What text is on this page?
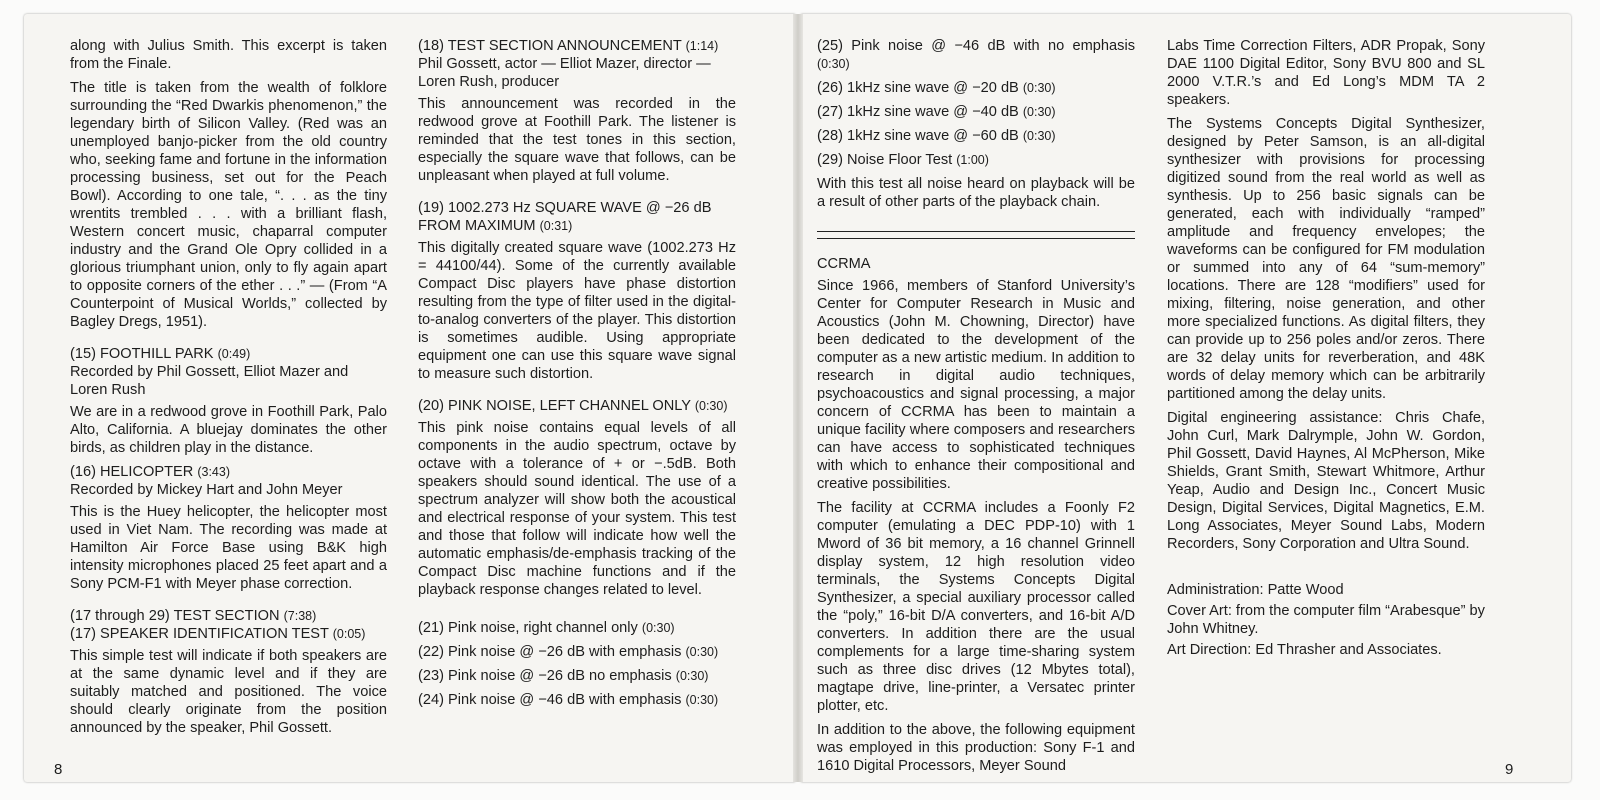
along with Julius Smith. This excerpt is taken from the Finale.

The title is taken from the wealth of folklore surrounding the “Red Dwarkis phenomenon,” the legendary birth of Silicon Valley. (Red was an unemployed banjo-picker from the old country who, seeking fame and fortune in the information processing business, set out for the Peach Bowl). According to one tale, “. . . as the tiny wrentits trembled . . . with a brilliant flash, Western concert music, chaparral computer industry and the Grand Ole Opry collided in a glorious triumphant union, only to fly again apart to opposite corners of the ether . . .” — (From “A Counterpoint of Musical Worlds,” collected by Bagley Dregs, 1951).

(15) FOOTHILL PARK (0:49)

Recorded by Phil Gossett, Elliot Mazer and Loren Rush

We are in a redwood grove in Foothill Park, Palo Alto, California. A bluejay dominates the other birds, as children play in the distance.

(16) HELICOPTER (3:43)

Recorded by Mickey Hart and John Meyer

This is the Huey helicopter, the helicopter most used in Viet Nam. The recording was made at Hamilton Air Force Base using B&K high intensity microphones placed 25 feet apart and a Sony PCM-F1 with Meyer phase correction.

(17 through 29) TEST SECTION (7:38)

(17) SPEAKER IDENTIFICATION TEST (0:05)

This simple test will indicate if both speakers are at the same dynamic level and if they are suitably matched and positioned. The voice should clearly originate from the position announced by the speaker, Phil Gossett.

(18) TEST SECTION ANNOUNCEMENT (1:14)

Phil Gossett, actor — Elliot Mazer, director — Loren Rush, producer

This announcement was recorded in the redwood grove at Foothill Park. The listener is reminded that the test tones in this section, especially the square wave that follows, can be unpleasant when played at full volume.

(19) 1002.273 Hz SQUARE WAVE @ −26 dB FROM MAXIMUM (0:31)

This digitally created square wave (1002.273 Hz = 44100/44). Some of the currently available Compact Disc players have phase distortion resulting from the type of filter used in the digital-to-analog converters of the player. This distortion is sometimes audible. Using appropriate equipment one can use this square wave signal to measure such distortion.

(20) PINK NOISE, LEFT CHANNEL ONLY (0:30)

This pink noise contains equal levels of all components in the audio spectrum, octave by octave with a tolerance of + or −.5dB. Both speakers should sound identical. The use of a spectrum analyzer will show both the acoustical and electrical response of your system. This test and those that follow will indicate how well the automatic emphasis/de-emphasis tracking of the Compact Disc machine functions and if the playback response changes related to level.

(21) Pink noise, right channel only (0:30)

(22) Pink noise @ −26 dB with emphasis (0:30)

(23) Pink noise @ −26 dB no emphasis (0:30)

(24) Pink noise @ −46 dB with emphasis (0:30)

8

(25) Pink noise @ −46 dB with no emphasis (0:30)

(26) 1kHz sine wave @ −20 dB (0:30)

(27) 1kHz sine wave @ −40 dB (0:30)

(28) 1kHz sine wave @ −60 dB (0:30)

(29) Noise Floor Test (1:00)

With this test all noise heard on playback will be a result of other parts of the playback chain.

CCRMA

Since 1966, members of Stanford University’s Center for Computer Research in Music and Acoustics (John M. Chowning, Director) have been dedicated to the development of the computer as a new artistic medium. In addition to research in digital audio techniques, psychoacoustics and signal processing, a major concern of CCRMA has been to maintain a unique facility where composers and researchers can have access to sophisticated techniques with which to enhance their compositional and creative possibilities.

The facility at CCRMA includes a Foonly F2 computer (emulating a DEC PDP-10) with 1 Mword of 36 bit memory, a 16 channel Grinnell display system, 12 high resolution video terminals, the Systems Concepts Digital Synthesizer, a special auxiliary processor called the “poly,” 16-bit D/A converters, and 16-bit A/D converters. In addition there are the usual complements for a large time-sharing system such as three disc drives (12 Mbytes total), magtape drive, line-printer, a Versatec printer plotter, etc.

In addition to the above, the following equipment was employed in this production: Sony F-1 and 1610 Digital Processors, Meyer Sound

Labs Time Correction Filters, ADR Propak, Sony DAE 1100 Digital Editor, Sony BVU 800 and SL 2000 V.T.R.’s and Ed Long’s MDM TA 2 speakers.

The Systems Concepts Digital Synthesizer, designed by Peter Samson, is an all-digital synthesizer with provisions for processing digitized sound from the real world as well as synthesis. Up to 256 basic signals can be generated, each with individually “ramped” amplitude and frequency envelopes; the waveforms can be configured for FM modulation or summed into any of 64 “sum-memory” locations. There are 128 “modifiers” used for mixing, filtering, noise generation, and other more specialized functions. As digital filters, they can provide up to 256 poles and/or zeros. There are 32 delay units for reverberation, and 48K words of delay memory which can be arbitrarily partitioned among the delay units.

Digital engineering assistance: Chris Chafe, John Curl, Mark Dalrymple, John W. Gordon, Phil Gossett, David Haynes, Al McPherson, Mike Shields, Grant Smith, Stewart Whitmore, Arthur Yeap, Audio and Design Inc., Concert Music Design, Digital Services, Digital Magnetics, E.M. Long Associates, Meyer Sound Labs, Modern Recorders, Sony Corporation and Ultra Sound.

Administration: Patte Wood

Cover Art: from the computer film “Arabesque” by John Whitney.

Art Direction: Ed Thrasher and Associates.

9
